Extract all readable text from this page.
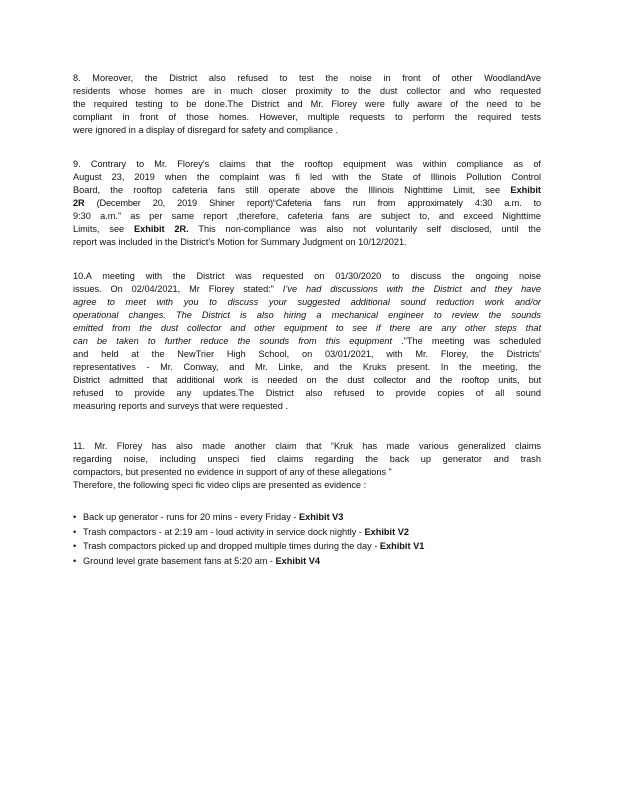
8. Moreover, the District also refused to test the noise in front of other WoodlandAve
residents whose homes are in much closer proximity to the dust collector and who requested
the required testing to be done.The District and Mr. Florey were fully aware of the need to be
compliant in front of those homes. However, multiple requests to perform the required tests
were ignored in a display of disregard for safety and compliance .
9. Contrary to Mr. Florey's claims that the rooftop equipment was within compliance as of
August 23, 2019 when the complaint was fi led with the State of Illinois Pollution Control
Board, the rooftop cafeteria fans still operate above the Illinois Nighttime Limit, see Exhibit
2R (December 20, 2019 Shiner report)“Cafeteria fans run from approximately 4:30 a.m. to
9:30 a.m.” as per same report ,therefore, cafeteria fans are subject to, and exceed Nighttime
Limits, see Exhibit 2R. This non-compliance was also not voluntarily self disclosed, until the
report was included in the District's Motion for Summary Judgment on 10/12/2021.
10.A meeting with the District was requested on 01/30/2020 to discuss the ongoing noise
issues. On 02/04/2021, Mr Florey stated:” I’ve had discussions with the District and they have
agree to meet with you to discuss your suggested additional sound reduction work and/or
operational changes. The District is also hiring a mechanical engineer to review the sounds
emitted from the dust collector and other equipment to see if there are any other steps that
can be taken to further reduce the sounds from this equipment .”The meeting was scheduled
and held at the NewTrier High School, on 03/01/2021, with Mr. Florey, the Districts'
representatives - Mr. Conway, and Mr. Linke, and the Kruks present. In the meeting, the
District admitted that additional work is needed on the dust collector and the rooftop units, but
refused to provide any updates.The District also refused to provide copies of all sound
measuring reports and surveys that were requested .
11. Mr. Florey has also made another claim that “Kruk has made various generalized claims
regarding noise, including unspeci fied claims regarding the back up generator and trash
compactors, but presented no evidence in support of any of these allegations ”
Therefore, the following speci fic video clips are presented as evidence :
• Back up generator - runs for 20 mins - every Friday - Exhibit V3
• Trash compactors - at 2:19 am - loud activity in service dock nightly - Exhibit V2
• Trash compactors picked up and dropped multiple times during the day - Exhibit V1
• Ground level grate basement fans at 5:20 am - Exhibit V4
